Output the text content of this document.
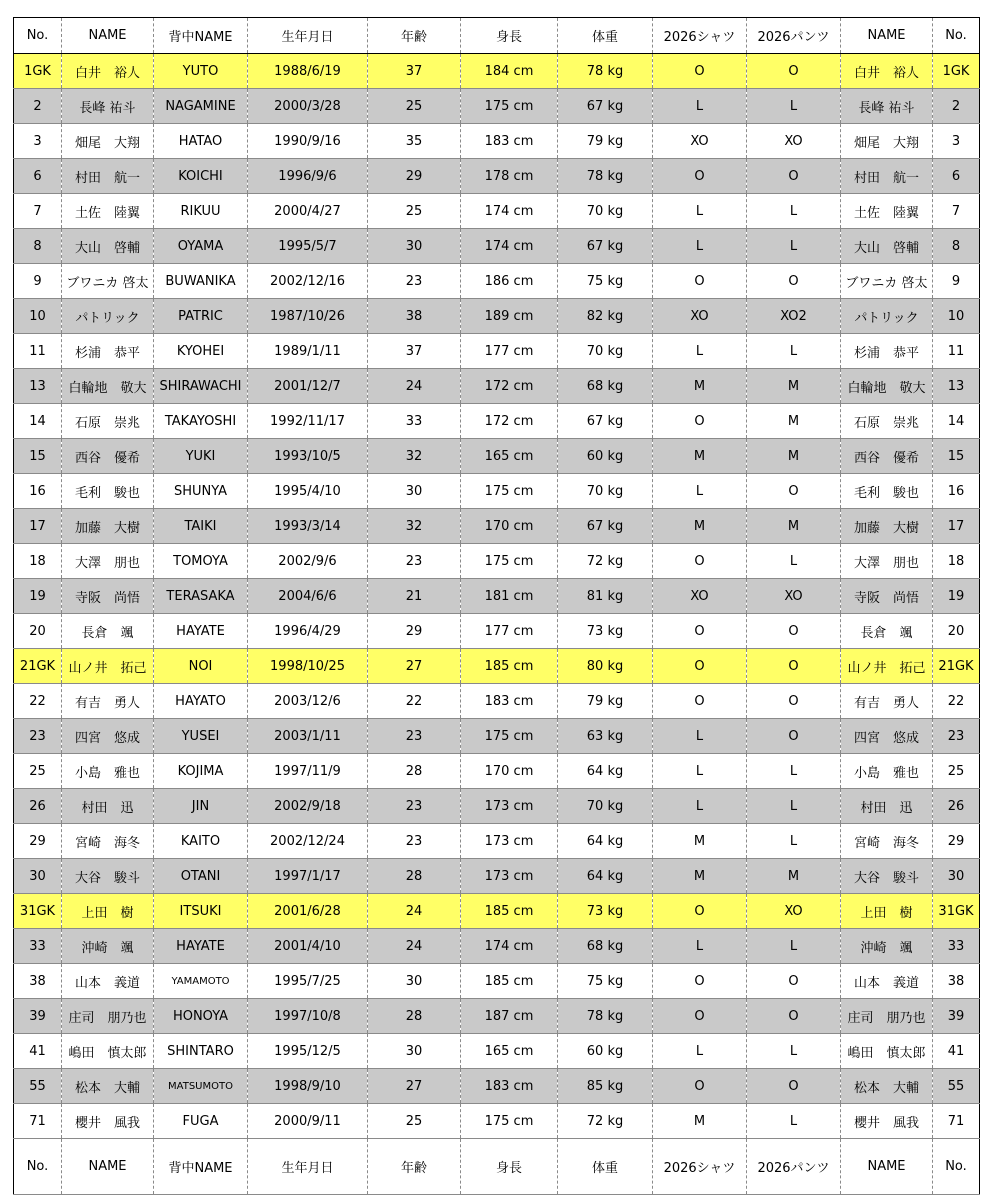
No.	NAME	背中NAME	生年月日	年齢	身長	体重	2026シャツ	2026パンツ	NAME	No.
1GK	白井　裕人	YUTO	1988/6/19	37	184 cm	78 kg	O	O	白井　裕人	1GK
2	長峰 祐斗	NAGAMINE	2000/3/28	25	175 cm	67 kg	L	L	長峰 祐斗	2
3	畑尾　大翔	HATAO	1990/9/16	35	183 cm	79 kg	XO	XO	畑尾　大翔	3
6	村田　航一	KOICHI	1996/9/6	29	178 cm	78 kg	O	O	村田　航一	6
7	土佐　陸翼	RIKUU	2000/4/27	25	174 cm	70 kg	L	L	土佐　陸翼	7
8	大山　啓輔	OYAMA	1995/5/7	30	174 cm	67 kg	L	L	大山　啓輔	8
9	ブワニカ 啓太	BUWANIKA	2002/12/16	23	186 cm	75 kg	O	O	ブワニカ 啓太	9
10	パトリック	PATRIC	1987/10/26	38	189 cm	82 kg	XO	XO2	パトリック	10
11	杉浦　恭平	KYOHEI	1989/1/11	37	177 cm	70 kg	L	L	杉浦　恭平	11
13	白輪地　敬大	SHIRAWACHI	2001/12/7	24	172 cm	68 kg	M	M	白輪地　敬大	13
14	石原　崇兆	TAKAYOSHI	1992/11/17	33	172 cm	67 kg	O	M	石原　崇兆	14
15	西谷　優希	YUKI	1993/10/5	32	165 cm	60 kg	M	M	西谷　優希	15
16	毛利　駿也	SHUNYA	1995/4/10	30	175 cm	70 kg	L	O	毛利　駿也	16
17	加藤　大樹	TAIKI	1993/3/14	32	170 cm	67 kg	M	M	加藤　大樹	17
18	大澤　朋也	TOMOYA	2002/9/6	23	175 cm	72 kg	O	L	大澤　朋也	18
19	寺阪　尚悟	TERASAKA	2004/6/6	21	181 cm	81 kg	XO	XO	寺阪　尚悟	19
20	長倉　颯	HAYATE	1996/4/29	29	177 cm	73 kg	O	O	長倉　颯	20
21GK	山ノ井　拓己	NOI	1998/10/25	27	185 cm	80 kg	O	O	山ノ井　拓己	21GK
22	有吉　勇人	HAYATO	2003/12/6	22	183 cm	79 kg	O	O	有吉　勇人	22
23	四宮　悠成	YUSEI	2003/1/11	23	175 cm	63 kg	L	O	四宮　悠成	23
25	小島　雅也	KOJIMA	1997/11/9	28	170 cm	64 kg	L	L	小島　雅也	25
26	村田　迅	JIN	2002/9/18	23	173 cm	70 kg	L	L	村田　迅	26
29	宮崎　海冬	KAITO	2002/12/24	23	173 cm	64 kg	M	L	宮崎　海冬	29
30	大谷　駿斗	OTANI	1997/1/17	28	173 cm	64 kg	M	M	大谷　駿斗	30
31GK	上田　樹	ITSUKI	2001/6/28	24	185 cm	73 kg	O	XO	上田　樹	31GK
33	沖崎　颯	HAYATE	2001/4/10	24	174 cm	68 kg	L	L	沖崎　颯	33
38	山本　義道	YAMAMOTO	1995/7/25	30	185 cm	75 kg	O	O	山本　義道	38
39	庄司　朋乃也	HONOYA	1997/10/8	28	187 cm	78 kg	O	O	庄司　朋乃也	39
41	嶋田　慎太郎	SHINTARO	1995/12/5	30	165 cm	60 kg	L	L	嶋田　慎太郎	41
55	松本　大輔	MATSUMOTO	1998/9/10	27	183 cm	85 kg	O	O	松本　大輔	55
71	櫻井　風我	FUGA	2000/9/11	25	175 cm	72 kg	M	L	櫻井　風我	71
No.	NAME	背中NAME	生年月日	年齢	身長	体重	2026シャツ	2026パンツ	NAME	No.
